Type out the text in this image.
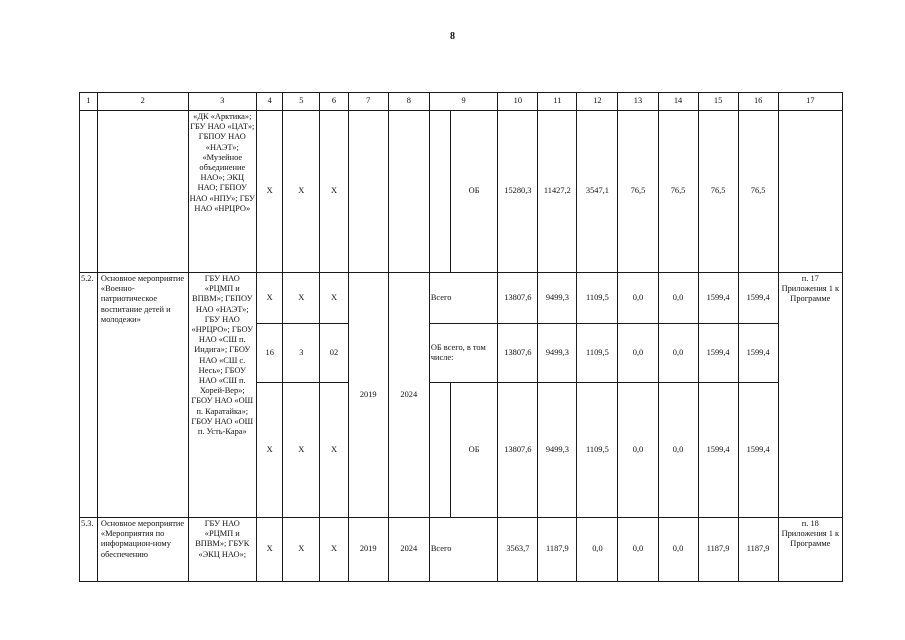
8
1	2	3	4	5	6	7	8	9	10	11	12	13	14	15	16	17
		«ДК «Арктика»; ГБУ НАО «ЦАТ»; ГБПОУ НАО «НАЭТ»; «Музейное объединение НАО»; ЭКЦ НАО; ГБПОУ НАО «НПУ»; ГБУ НАО «НРЦРО»	X	X	X			ОБ	15280,3	11427,2	3547,1	76,5	76,5	76,5	76,5	
5.2.	Основное мероприятие «Военно-патриотическое воспитание детей и молодежи»	ГБУ НАО «РЦМП и ВПВМ»; ГБПОУ НАО «НАЭТ»; ГБУ НАО «НРЦРО»; ГБОУ НАО «СШ п. Индига»; ГБОУ НАО «СШ с. Несь»; ГБОУ НАО «СШ п. Хорей-Вер»; ГБОУ НАО «ОШ п. Каратайка»; ГБОУ НАО «ОШ п. Усть-Кара»	X	X	X	2019	2024	Всего	13807,6	9499,3	1109,5	0,0	0,0	1599,4	1599,4	п. 17 Приложения 1 к Программе
			16	3	02			ОБ всего, в том числе:	13807,6	9499,3	1109,5	0,0	0,0	1599,4	1599,4	
			X	X	X			ОБ	13807,6	9499,3	1109,5	0,0	0,0	1599,4	1599,4	
5.3.	Основное мероприятие «Мероприятия по информацион-ному обеспечению	ГБУ НАО «РЦМП и ВПВМ»; ГБУК «ЭКЦ НАО»;	X	X	X	2019	2024	Всего	3563,7	1187,9	0,0	0,0	0,0	1187,9	1187,9	п. 18 Приложения 1 к Программе
